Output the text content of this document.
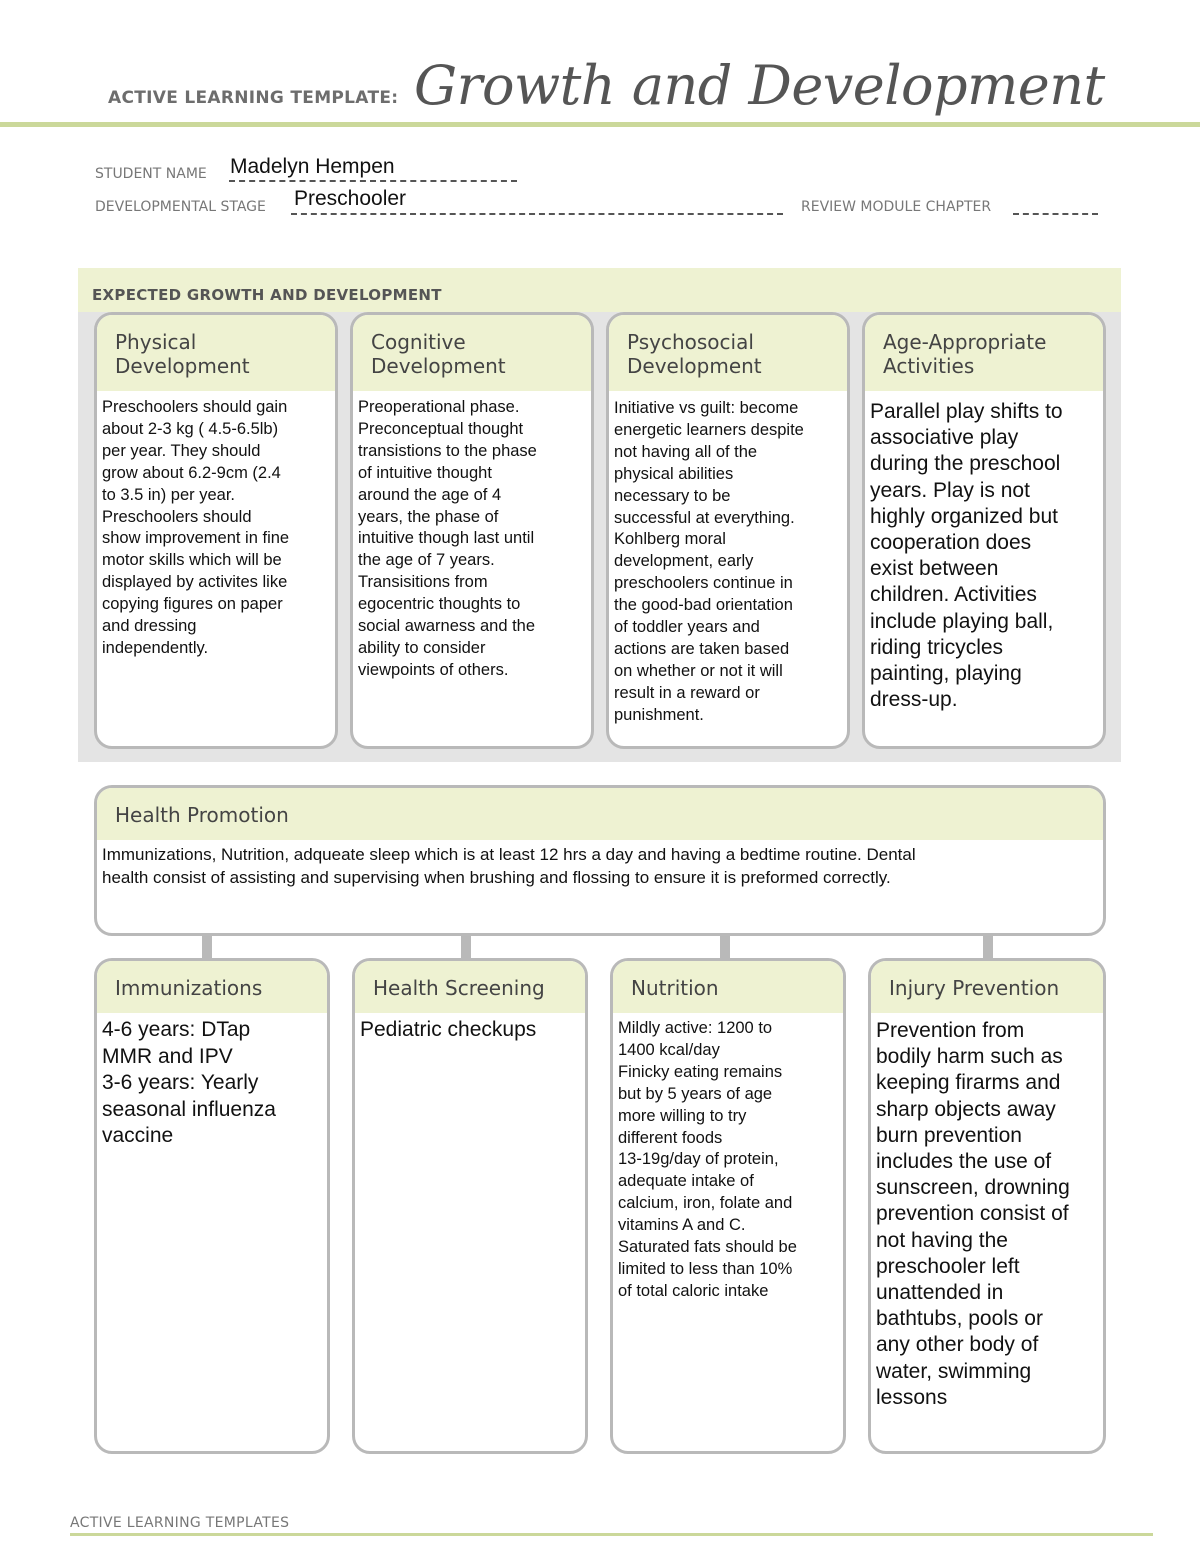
ACTIVE LEARNING TEMPLATE: Growth and Development
STUDENT NAME Madelyn Hempen
DEVELOPMENTAL STAGE Preschooler	REVIEW MODULE CHAPTER
EXPECTED GROWTH AND DEVELOPMENT
Physical
Development
Preschoolers should gain
about 2-3 kg ( 4.5-6.5lb)
per year. They should
grow about 6.2-9cm (2.4
to 3.5 in) per year.
Preschoolers should
show improvement in fine
motor skills which will be
displayed by activites like
copying figures on paper
and dressing
independently.
Cognitive
Development
Preoperational phase.
Preconceptual thought
transistions to the phase
of intuitive thought
around the age of 4
years, the phase of
intuitive though last until
the age of 7 years.
Transisitions from
egocentric thoughts to
social awarness and the
ability to consider
viewpoints of others.
Psychosocial
Development
Initiative vs guilt: become
energetic learners despite
not having all of the
physical abilities
necessary to be
successful at everything.
Kohlberg moral
development, early
preschoolers continue in
the good-bad orientation
of toddler years and
actions are taken based
on whether or not it will
result in a reward or
punishment.
Age-Appropriate
Activities
Parallel play shifts to
associative play
during the preschool
years. Play is not
highly organized but
cooperation does
exist between
children. Activities
include playing ball,
riding tricycles
painting, playing
dress-up.
Health Promotion
Immunizations, Nutrition, adqueate sleep which is at least 12 hrs a day and having a bedtime routine. Dental
health consist of assisting and supervising when brushing and flossing to ensure it is preformed correctly.
Immunizations
4-6 years: DTap
MMR and IPV
3-6 years: Yearly
seasonal influenza
vaccine
Health Screening
Pediatric checkups
Nutrition
Mildly active: 1200 to
1400 kcal/day
Finicky eating remains
but by 5 years of age
more willing to try
different foods
13-19g/day of protein,
adequate intake of
calcium, iron, folate and
vitamins A and C.
Saturated fats should be
limited to less than 10%
of total caloric intake
Injury Prevention
Prevention from
bodily harm such as
keeping firarms and
sharp objects away
burn prevention
includes the use of
sunscreen, drowning
prevention consist of
not having the
preschooler left
unattended in
bathtubs, pools or
any other body of
water, swimming
lessons
ACTIVE LEARNING TEMPLATES
